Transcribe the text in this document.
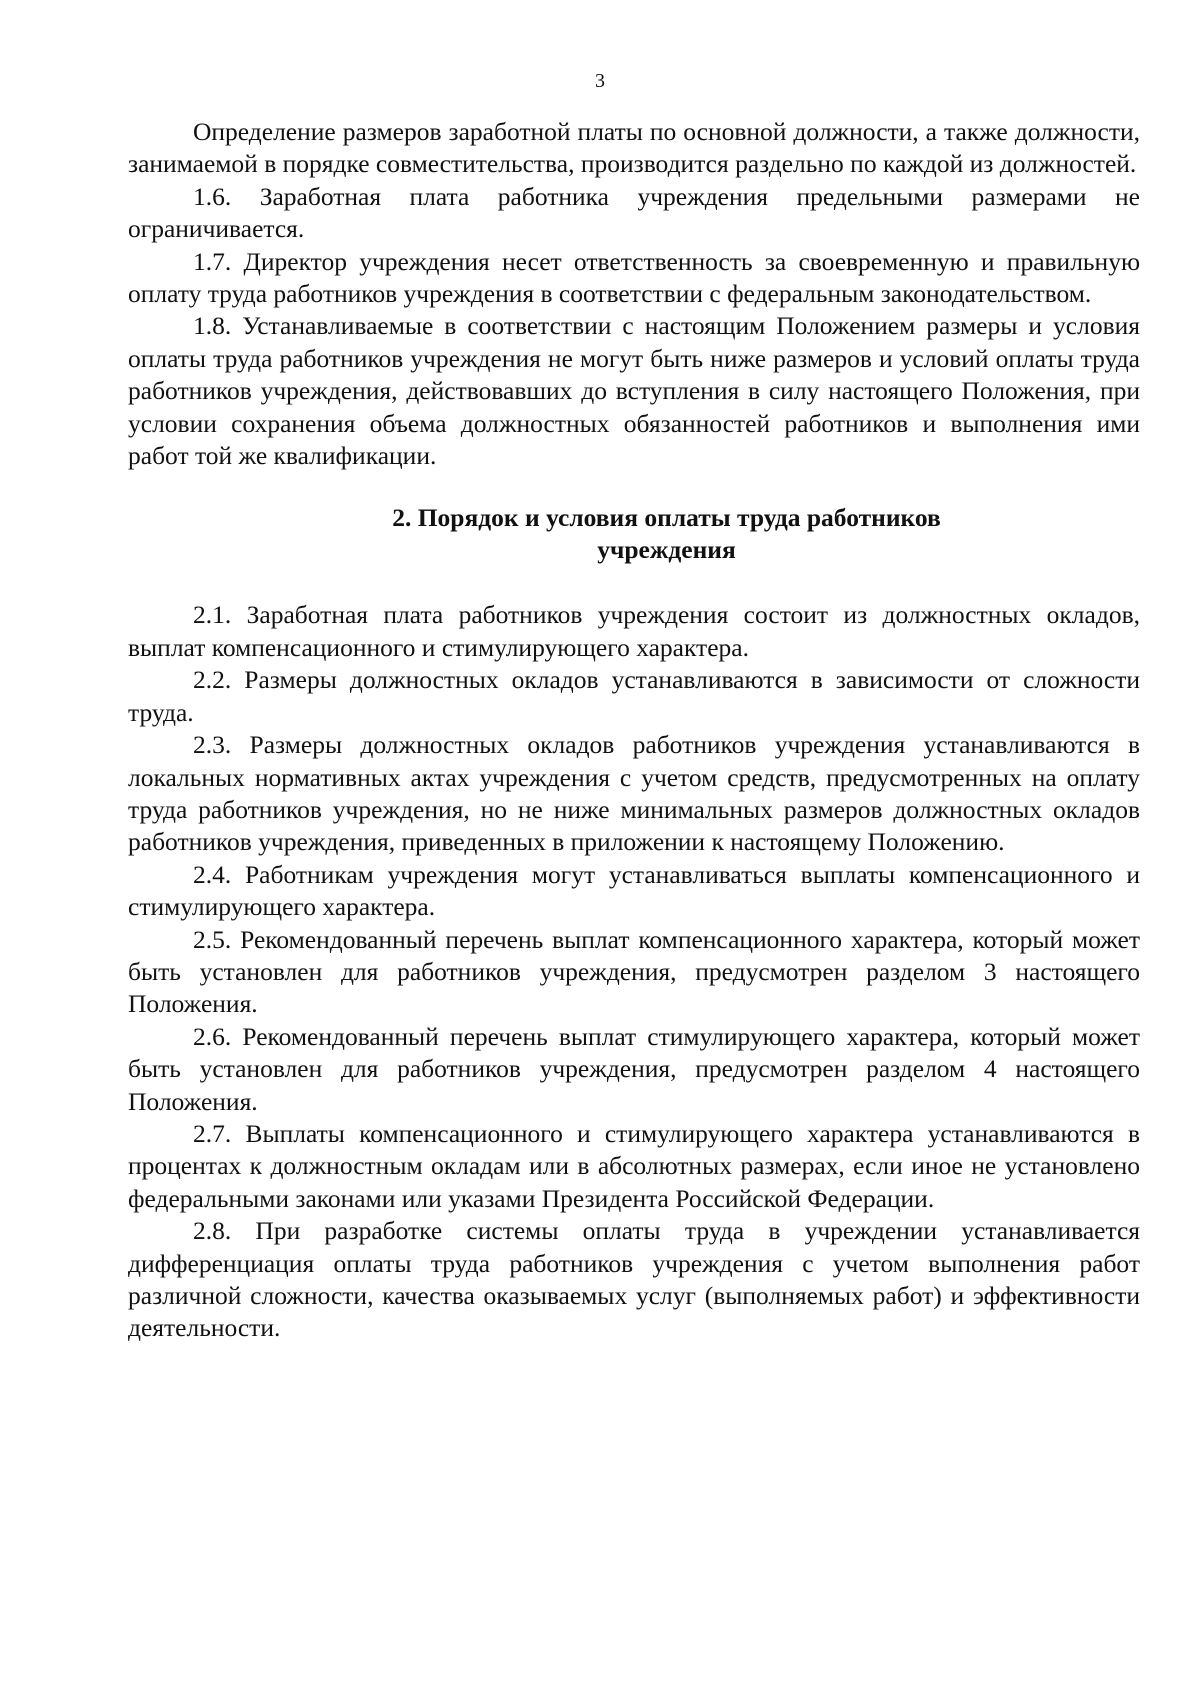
3

Определение размеров заработной платы по основной должности, а также должности, занимаемой в порядке совместительства, производится раздельно по каждой из должностей.

1.6. Заработная плата работника учреждения предельными размерами не ограничивается.

1.7. Директор учреждения несет ответственность за своевременную и правильную оплату труда работников учреждения в соответствии с федеральным законодательством.

1.8. Устанавливаемые в соответствии с настоящим Положением размеры и условия оплаты труда работников учреждения не могут быть ниже размеров и условий оплаты труда работников учреждения, действовавших до вступления в силу настоящего Положения, при условии сохранения объема должностных обязанностей работников и выполнения ими работ той же квалификации.

2. Порядок и условия оплаты труда работников
учреждения

2.1. Заработная плата работников учреждения состоит из должностных окладов, выплат компенсационного и стимулирующего характера.

2.2. Размеры должностных окладов устанавливаются в зависимости от сложности труда.

2.3. Размеры должностных окладов работников учреждения устанавливаются в локальных нормативных актах учреждения с учетом средств, предусмотренных на оплату труда работников учреждения, но не ниже минимальных размеров должностных окладов работников учреждения, приведенных в приложении к настоящему Положению.

2.4. Работникам учреждения могут устанавливаться выплаты компенсационного и стимулирующего характера.

2.5. Рекомендованный перечень выплат компенсационного характера, который может быть установлен для работников учреждения, предусмотрен разделом 3 настоящего Положения.

2.6. Рекомендованный перечень выплат стимулирующего характера, который может быть установлен для работников учреждения, предусмотрен разделом 4 настоящего Положения.

2.7. Выплаты компенсационного и стимулирующего характера устанавливаются в процентах к должностным окладам или в абсолютных размерах, если иное не установлено федеральными законами или указами Президента Российской Федерации.

2.8. При разработке системы оплаты труда в учреждении устанавливается дифференциация оплаты труда работников учреждения с учетом выполнения работ различной сложности, качества оказываемых услуг (выполняемых работ) и эффективности деятельности.
